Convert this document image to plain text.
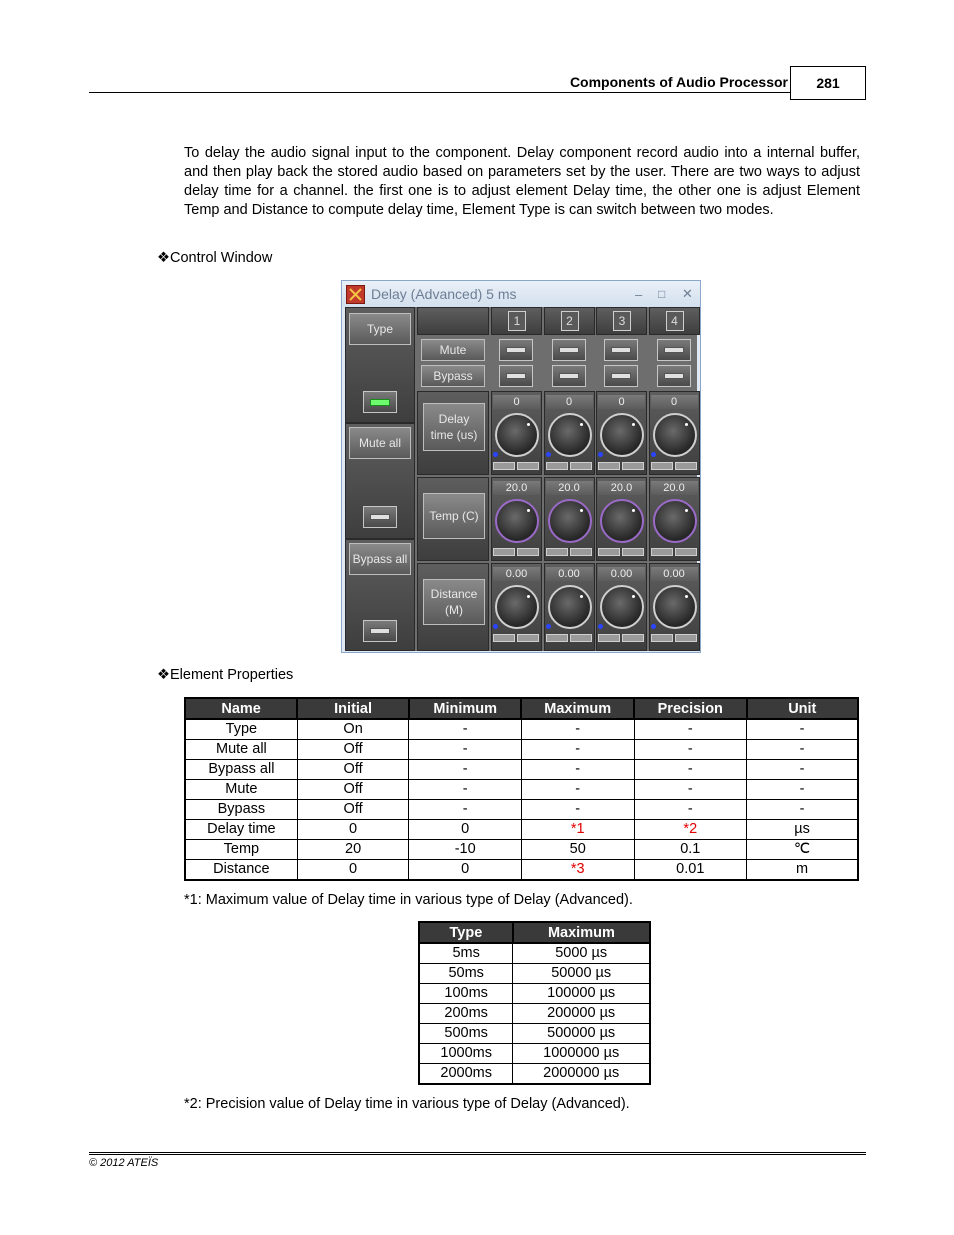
Components of Audio Processor	281
To delay the audio signal input to the component. Delay component record audio into a internal buffer, and then play back the stored audio based on parameters set by the user. There are two ways to adjust delay time for a channel. the first one is to adjust element Delay time, the other one is adjust Element Temp and Distance to compute delay time, Element Type is can switch between two modes.
❖Control Window
Delay (Advanced) 5 ms	– □ ✕
Type
Mute all
Bypass all
Mute
Bypass
Delay
time (us)
Temp (C)
Distance
(M)
1
0
20.0
0.00
2
0
20.0
0.00
3
0
20.0
0.00
4
0
20.0
0.00
❖Element Properties
Name	Initial	Minimum	Maximum	Precision	Unit
Type	On	-	-	-	-
Mute all	Off	-	-	-	-
Bypass all	Off	-	-	-	-
Mute	Off	-	-	-	-
Bypass	Off	-	-	-	-
Delay time	0	0	*1	*2	µs
Temp	20	-10	50	0.1	℃
Distance	0	0	*3	0.01	m
*1: Maximum value of Delay time in various type of Delay (Advanced).
Type	Maximum
5ms	5000 µs
50ms	50000 µs
100ms	100000 µs
200ms	200000 µs
500ms	500000 µs
1000ms	1000000 µs
2000ms	2000000 µs
*2: Precision value of Delay time in various type of Delay (Advanced).
© 2012 ATEÏS
